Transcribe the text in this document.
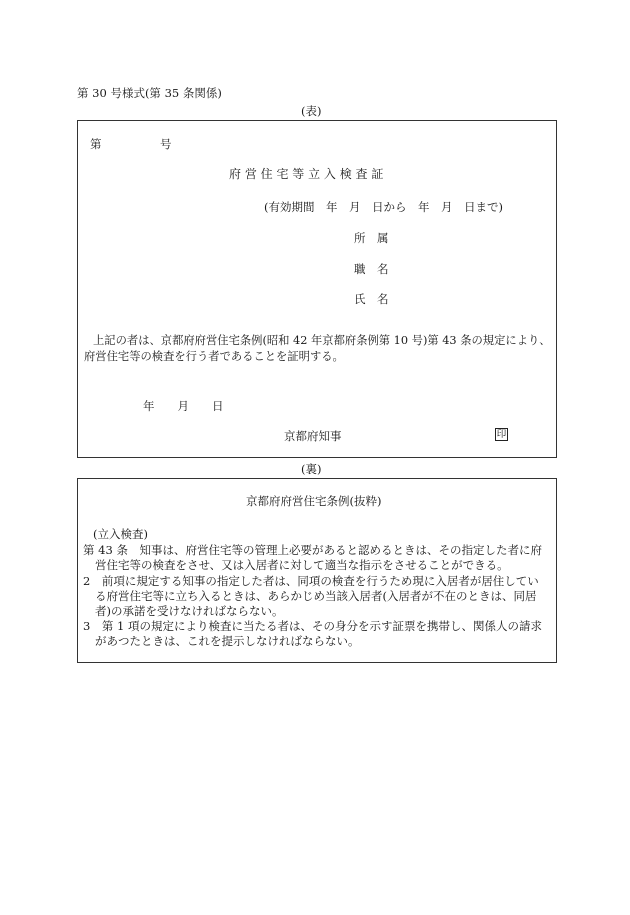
第 30 号様式(第 35 条関係)
(表)
第	号
府 営 住 宅 等 立 入 検 査 証
(有効期間　年　月　日から　年　月　日まで)
所　属
職　名
氏　名
上記の者は、京都府府営住宅条例(昭和 42 年京都府条例第 10 号)第 43 条の規定により、
府営住宅等の検査を行う者であることを証明する。
年　　月　　日
京都府知事	印
(裏)
京都府府営住宅条例(抜粋)
(立入検査)
第 43 条　知事は、府営住宅等の管理上必要があると認めるときは、その指定した者に府
営住宅等の検査をさせ、又は入居者に対して適当な指示をさせることができる。
2　前項に規定する知事の指定した者は、同項の検査を行うため現に入居者が居住してい
る府営住宅等に立ち入るときは、あらかじめ当該入居者(入居者が不在のときは、同居
者)の承諾を受けなければならない。
3　第 1 項の規定により検査に当たる者は、その身分を示す証票を携帯し、関係人の請求
があつたときは、これを提示しなければならない。
